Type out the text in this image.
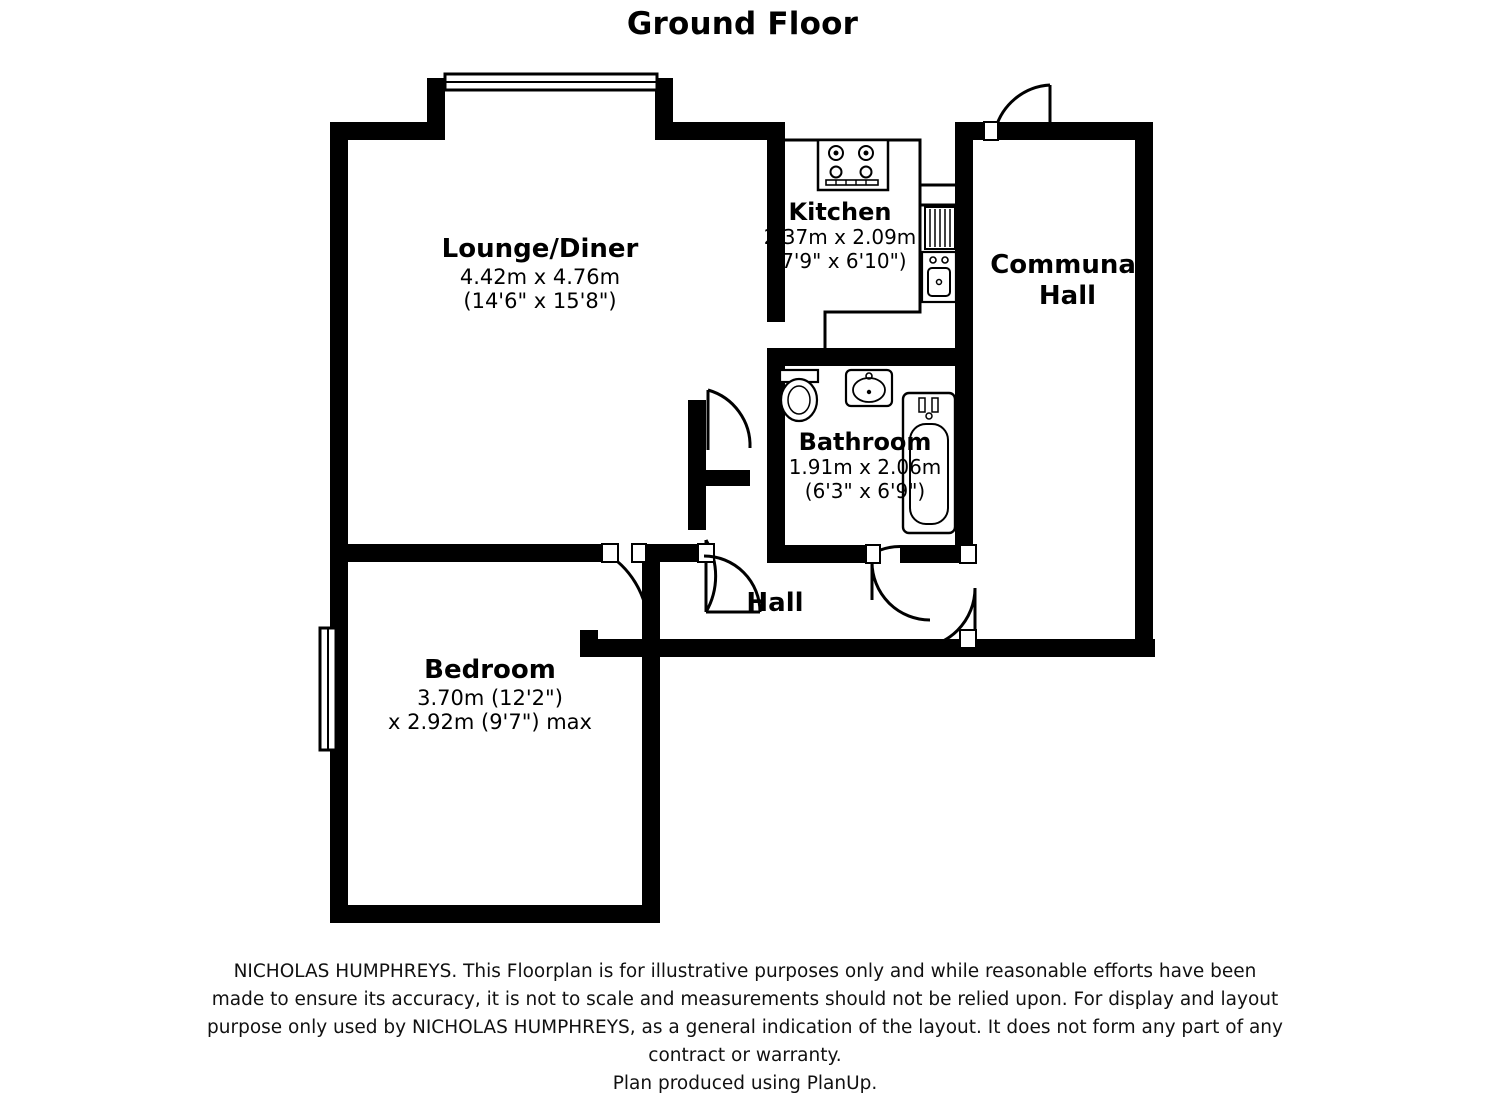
Ground Floor
Lounge/Diner
4.42m x 4.76m
(14'6" x 15'8")
Kitchen
2.37m x 2.09m
(7'9" x 6'10")	Communal
Hall
Bathroom
1.91m x 2.06m
(6'3" x 6'9")
Bedroom
3.70m (12'2")
x 2.92m (9'7") max
Hall

NICHOLAS HUMPHREYS. This Floorplan is for illustrative purposes only and while reasonable efforts have been

made to ensure its accuracy, it is not to scale and measurements should not be relied upon. For display and layout

purpose only used by NICHOLAS HUMPHREYS, as a general indication of the layout. It does not form any part of any

contract or warranty.

Plan produced using PlanUp.
